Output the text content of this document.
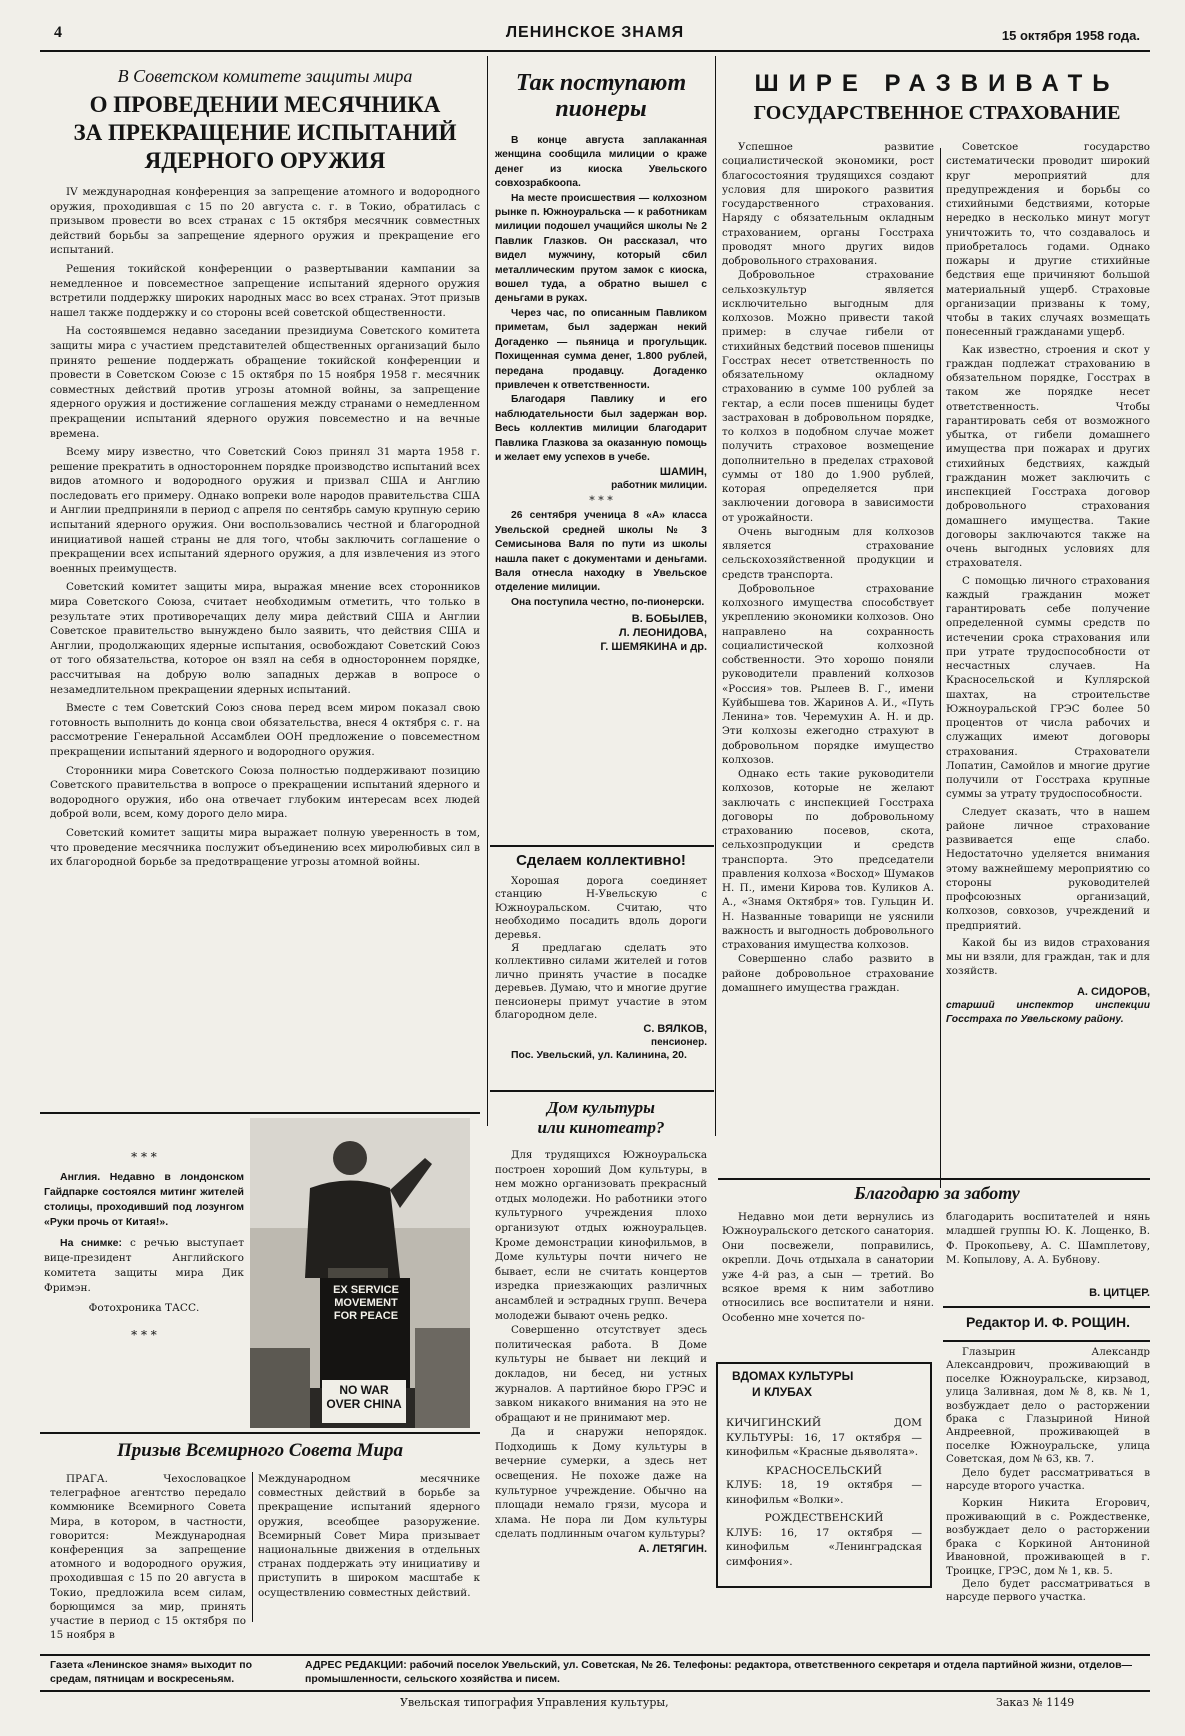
4	ЛЕНИНСКОЕ ЗНАМЯ	15 октября 1958 года.
В Советском комитете защиты мира
О ПРОВЕДЕНИИ МЕСЯЧНИКА
ЗА ПРЕКРАЩЕНИЕ ИСПЫТАНИЙ
ЯДЕРНОГО ОРУЖИЯ

IV международная конференция за запрещение атомного и водородного оружия, проходившая с 15 по 20 августа с. г. в Токио, обратилась с призывом провести во всех странах с 15 октября месячник совместных действий борьбы за запрещение ядерного оружия и прекращение его испытаний.

Решения токийской конференции о развертывании кампании за немедленное и повсеместное запрещение испытаний ядерного оружия встретили поддержку широких народных масс во всех странах. Этот призыв нашел также поддержку и со стороны всей советской общественности.

На состоявшемся недавно заседании президиума Советского комитета защиты мира с участием представителей общественных организаций было принято решение поддержать обращение токийской конференции и провести в Советском Союзе с 15 октября по 15 ноября 1958 г. месячник совместных действий против угрозы атомной войны, за запрещение ядерного оружия и достижение соглашения между странами о немедленном прекращении испытаний ядерного оружия повсеместно и на вечные времена.

Всему миру известно, что Советский Союз принял 31 марта 1958 г. решение прекратить в одностороннем порядке производство испытаний всех видов атомного и водородного оружия и призвал США и Англию последовать его примеру. Однако вопреки воле народов правительства США и Англии предприняли в период с апреля по сентябрь самую крупную серию испытаний ядерного оружия. Они воспользовались честной и благородной инициативой нашей страны не для того, чтобы заключить соглашение о прекращении всех испытаний ядерного оружия, а для извлечения из этого военных преимуществ.

Советский комитет защиты мира, выражая мнение всех сторонников мира Советского Союза, считает необходимым отметить, что только в результате этих противоречащих делу мира действий США и Англии Советское правительство вынуждено было заявить, что действия США и Англии, продолжающих ядерные испытания, освобождают Советский Союз от того обязательства, которое он взял на себя в одностороннем порядке, рассчитывая на добрую волю западных держав в вопросе о незамедлительном прекращении ядерных испытаний.

Вместе с тем Советский Союз снова перед всем миром показал свою готовность выполнить до конца свои обязательства, внеся 4 октября с. г. на рассмотрение Генеральной Ассамблеи ООН предложение о повсеместном прекращении испытаний ядерного и водородного оружия.

Сторонники мира Советского Союза полностью поддерживают позицию Советского правительства в вопросе о прекращении испытаний ядерного и водородного оружия, ибо она отвечает глубоким интересам всех людей доброй воли, всем, кому дорого дело мира.

Советский комитет защиты мира выражает полную уверенность в том, что проведение месячника послужит объединению всех миролюбивых сил в их благородной борьбе за предотвращение угрозы атомной войны.

* * *
Англия. Недавно в лондонском Гайдпарке состоялся митинг жителей столицы, проходивший под лозунгом «Руки прочь от Китая!».
На снимке: с речью выступает вице-президент Английского комитета защиты мира Дик Фримэн.
Фотохроника ТАСС.
* * *
EX SERVICE MOVEMENT FOR PEACE
NO WAR OVER CHINA
Призыв Всемирного Совета Мира
ПРАГА. Чехословацкое телеграфное агентство передало коммюнике Всемирного Совета Мира, в котором, в частности, говорится: Международная конференция за запрещение атомного и водородного оружия, проходившая с 15 по 20 августа в Токио, предложила всем силам, борющимся за мир, принять участие в период с 15 октября по 15 ноября в
Международном месячнике совместных действий в борьбе за прекращение испытаний ядерного оружия, всеобщее разоружение. Всемирный Совет Мира призывает национальные движения в отдельных странах поддержать эту инициативу и приступить в широком масштабе к осуществлению совместных действий.
Так поступают
пионеры

В конце августа заплаканная женщина сообщила милиции о краже денег из киоска Увельского совхозрабкоопа.

На месте происшествия — колхозном рынке п. Южноуральска — к работникам милиции подошел учащийся школы № 2 Павлик Глазков. Он рассказал, что видел мужчину, который сбил металлическим прутом замок с киоска, вошел туда, а обратно вышел с деньгами в руках.

Через час, по описанным Павликом приметам, был задержан некий Догаденко — пьяница и прогульщик. Похищенная сумма денег, 1.800 рублей, передана продавцу. Догаденко привлечен к ответственности.

Благодаря Павлику и его наблюдательности был задержан вор. Весь коллектив милиции благодарит Павлика Глазкова за оказанную помощь и желает ему успехов в учебе.

ШАМИН,
работник милиции.
* * *

26 сентября ученица 8 «А» класса Увельской средней школы № 3 Семисынова Валя по пути из школы нашла пакет с документами и деньгами. Валя отнесла находку в Увельское отделение милиции.

Она поступила честно, по-пионерски.

В. БОБЫЛЕВ,
Л. ЛЕОНИДОВА,
Г. ШЕМЯКИНА и др.
Сделаем коллективно!

Хорошая дорога соединяет станцию Н-Увельскую с Южноуральском. Считаю, что необходимо посадить вдоль дороги деревья.

Я предлагаю сделать это коллективно силами жителей и готов лично принять участие в посадке деревьев. Думаю, что и многие другие пенсионеры примут участие в этом благородном деле.

С. ВЯЛКОВ,
пенсионер.
Пос. Увельский, ул. Калинина, 20.
Дом культуры
или кинотеатр?

Для трудящихся Южноуральска построен хороший Дом культуры, в нем можно организовать прекрасный отдых молодежи. Но работники этого культурного учреждения плохо организуют отдых южноуральцев. Кроме демонстрации кинофильмов, в Доме культуры почти ничего не бывает, если не считать концертов изредка приезжающих различных ансамблей и эстрадных групп. Вечера молодежи бывают очень редко.

Совершенно отсутствует здесь политическая работа. В Доме культуры не бывает ни лекций и докладов, ни бесед, ни устных журналов. А партийное бюро ГРЭС и завком никакого внимания на это не обращают и не принимают мер.

Да и снаружи непорядок. Подходишь к Дому культуры в вечерние сумерки, а здесь нет освещения. Не похоже даже на культурное учреждение. Обычно на площади немало грязи, мусора и хлама. Не пора ли Дом культуры сделать подлинным очагом культуры?

А. ЛЕТЯГИН.
ШИРЕ РАЗВИВАТЬ
ГОСУДАРСТВЕННОЕ СТРАХОВАНИЕ

Успешное развитие социалистической экономики, рост благосостояния трудящихся создают условия для широкого развития государственного страхования. Наряду с обязательным окладным страхованием, органы Госстраха проводят много других видов добровольного страхования.

Добровольное страхование сельхозкультур является исключительно выгодным для колхозов. Можно привести такой пример: в случае гибели от стихийных бедствий посевов пшеницы Госстрах несет ответственность по обязательному окладному страхованию в сумме 100 рублей за гектар, а если посев пшеницы будет застрахован в добровольном порядке, то колхоз в подобном случае может получить страховое возмещение дополнительно в пределах страховой суммы от 180 до 1.900 рублей, которая определяется при заключении договора в зависимости от урожайности.

Очень выгодным для колхозов является страхование сельскохозяйственной продукции и средств транспорта.

Добровольное страхование колхозного имущества способствует укреплению экономики колхозов. Оно направлено на сохранность социалистической колхозной собственности. Это хорошо поняли руководители правлений колхозов «Россия» тов. Рылеев В. Г., имени Куйбышева тов. Жаринов А. И., «Путь Ленина» тов. Черемухин А. Н. и др. Эти колхозы ежегодно страхуют в добровольном порядке имущество колхозов.

Однако есть такие руководители колхозов, которые не желают заключать с инспекцией Госстраха договоры по добровольному страхованию посевов, скота, сельхозпродукции и средств транспорта. Это председатели правления колхоза «Восход» Шумаков Н. П., имени Кирова тов. Куликов А. А., «Знамя Октября» тов. Гульцин И. Н. Названные товарищи не уяснили важность и выгодность добровольного страхования имущества колхозов.

Совершенно слабо развито в районе добровольное страхование домашнего имущества граждан.

Советское государство систематически проводит широкий круг мероприятий для предупреждения и борьбы со стихийными бедствиями, которые нередко в несколько минут могут уничтожить то, что создавалось и приобреталось годами. Однако пожары и другие стихийные бедствия еще причиняют большой материальный ущерб. Страховые организации призваны к тому, чтобы в таких случаях возмещать понесенный гражданами ущерб.

Как известно, строения и скот у граждан подлежат страхованию в обязательном порядке, Госстрах в таком же порядке несет ответственность. Чтобы гарантировать себя от возможного убытка, от гибели домашнего имущества при пожарах и других стихийных бедствиях, каждый гражданин может заключить с инспекцией Госстраха договор добровольного страхования домашнего имущества. Такие договоры заключаются также на очень выгодных условиях для страхователя.

С помощью личного страхования каждый гражданин может гарантировать себе получение определенной суммы средств по истечении срока страхования или при утрате трудоспособности от несчастных случаев. На Красносельской и Куллярской шахтах, на строительстве Южноуральской ГРЭС более 50 процентов от числа рабочих и служащих имеют договоры страхования. Страхователи Лопатин, Самойлов и многие другие получили от Госстраха крупные суммы за утрату трудоспособности.

Следует сказать, что в нашем районе личное страхование развивается еще слабо. Недостаточно уделяется внимания этому важнейшему мероприятию со стороны руководителей профсоюзных организаций, колхозов, совхозов, учреждений и предприятий.

Какой бы из видов страхования мы ни взяли, для граждан, так и для хозяйств.

А. СИДОРОВ,
старший инспектор инспекции Госстраха по Увельскому району.
Благодарю за заботу
Недавно мои дети вернулись из Южноуральского детского санатория. Они посвежели, поправились, окрепли. Дочь отдыхала в санатории уже 4-й раз, а сын — третий. Во всякое время к ним заботливо относились все воспитатели и няни. Особенно мне хочется по-
благодарить воспитателей и нянь младшей группы Ю. К. Лощенко, В. Ф. Прокопьеву, А. С. Шамплетову, М. Копылову, А. А. Бубнову.
В. ЦИТЦЕР.
Редактор И. Ф. РОЩИН.
ВДОМАХ КУЛЬТУРЫ
И КЛУБАХ
КИЧИГИНСКИЙ ДОМ КУЛЬТУРЫ: 16, 17 октября — кинофильм «Красные дьяволята».
КРАСНОСЕЛЬСКИЙ
КЛУБ: 18, 19 октября — кинофильм «Волки».
РОЖДЕСТВЕНСКИЙ
КЛУБ: 16, 17 октября — кинофильм «Ленинградская симфония».

Глазырин Александр Александрович, проживающий в поселке Южноуральске, кирзавод, улица Заливная, дом № 8, кв. № 1, возбуждает дело о расторжении брака с Глазыриной Ниной Андреевной, проживающей в поселке Южноуральске, улица Советская, дом № 63, кв. 7.

Дело будет рассматриваться в нарсуде второго участка.

Коркин Никита Егорович, проживающий в с. Рождественке, возбуждает дело о расторжении брака с Коркиной Антониной Ивановной, проживающей в г. Троицке, ГРЭС, дом № 1, кв. 5.

Дело будет рассматриваться в нарсуде первого участка.

Газета «Ленинское знамя» выходит по средам, пятницам и воскресеньям.
АДРЕС РЕДАКЦИИ: рабочий поселок Увельский, ул. Советская, № 26. Телефоны: редактора, ответственного секретаря и отдела партийной жизни, отделов—промышленности, сельского хозяйства и писем.
Увельская типография Управления культуры,	Заказ № 1149
